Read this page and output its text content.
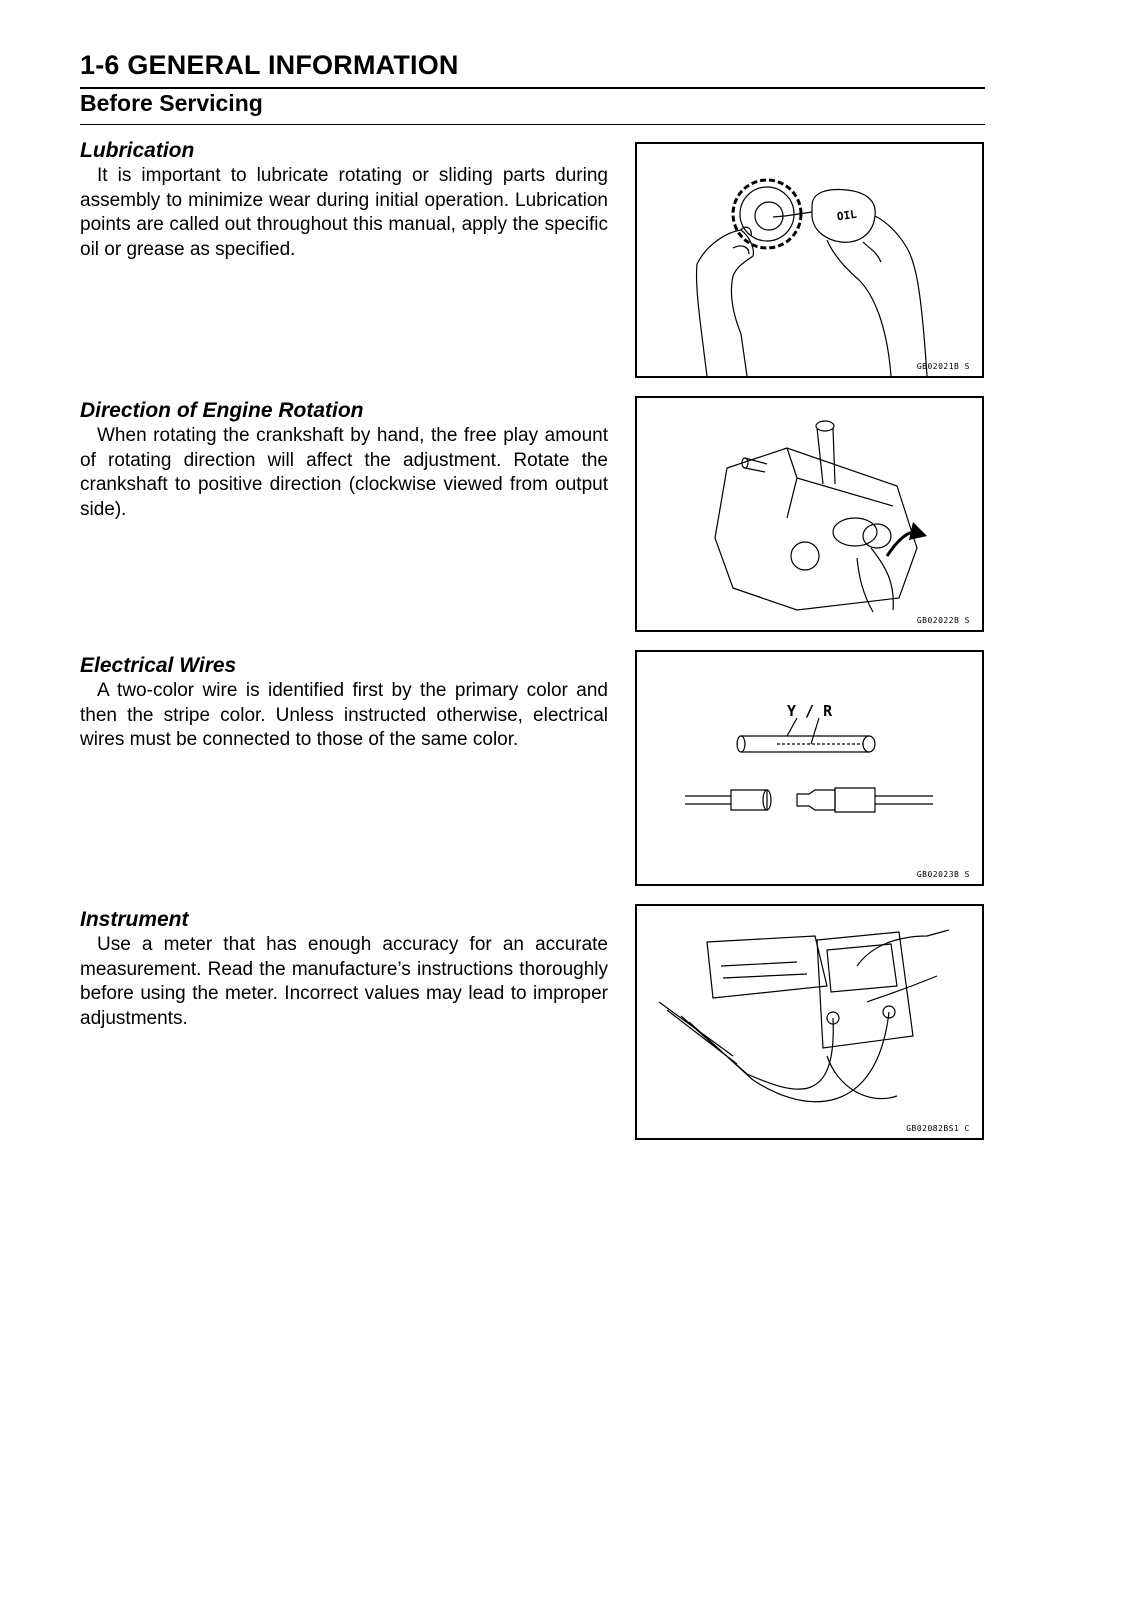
1-6 GENERAL INFORMATION
Before Servicing
Lubrication

It is important to lubricate rotating or sliding parts during assembly to minimize wear during initial operation. Lubrication points are called out throughout this manual, apply the specific oil or grease as specified.

OIL
GB02021B S
Direction of Engine Rotation

When rotating the crankshaft by hand, the free play amount of rotating direction will affect the adjustment. Rotate the crankshaft to positive direction (clockwise viewed from output side).

GB02022B S
Electrical Wires

A two-color wire is identified first by the primary color and then the stripe color. Unless instructed otherwise, electrical wires must be connected to those of the same color.

Y / R
GB02023B S
Instrument

Use a meter that has enough accuracy for an accurate measurement. Read the manufacture’s instructions thoroughly before using the meter. Incorrect values may lead to improper adjustments.

GB02082BS1 C
